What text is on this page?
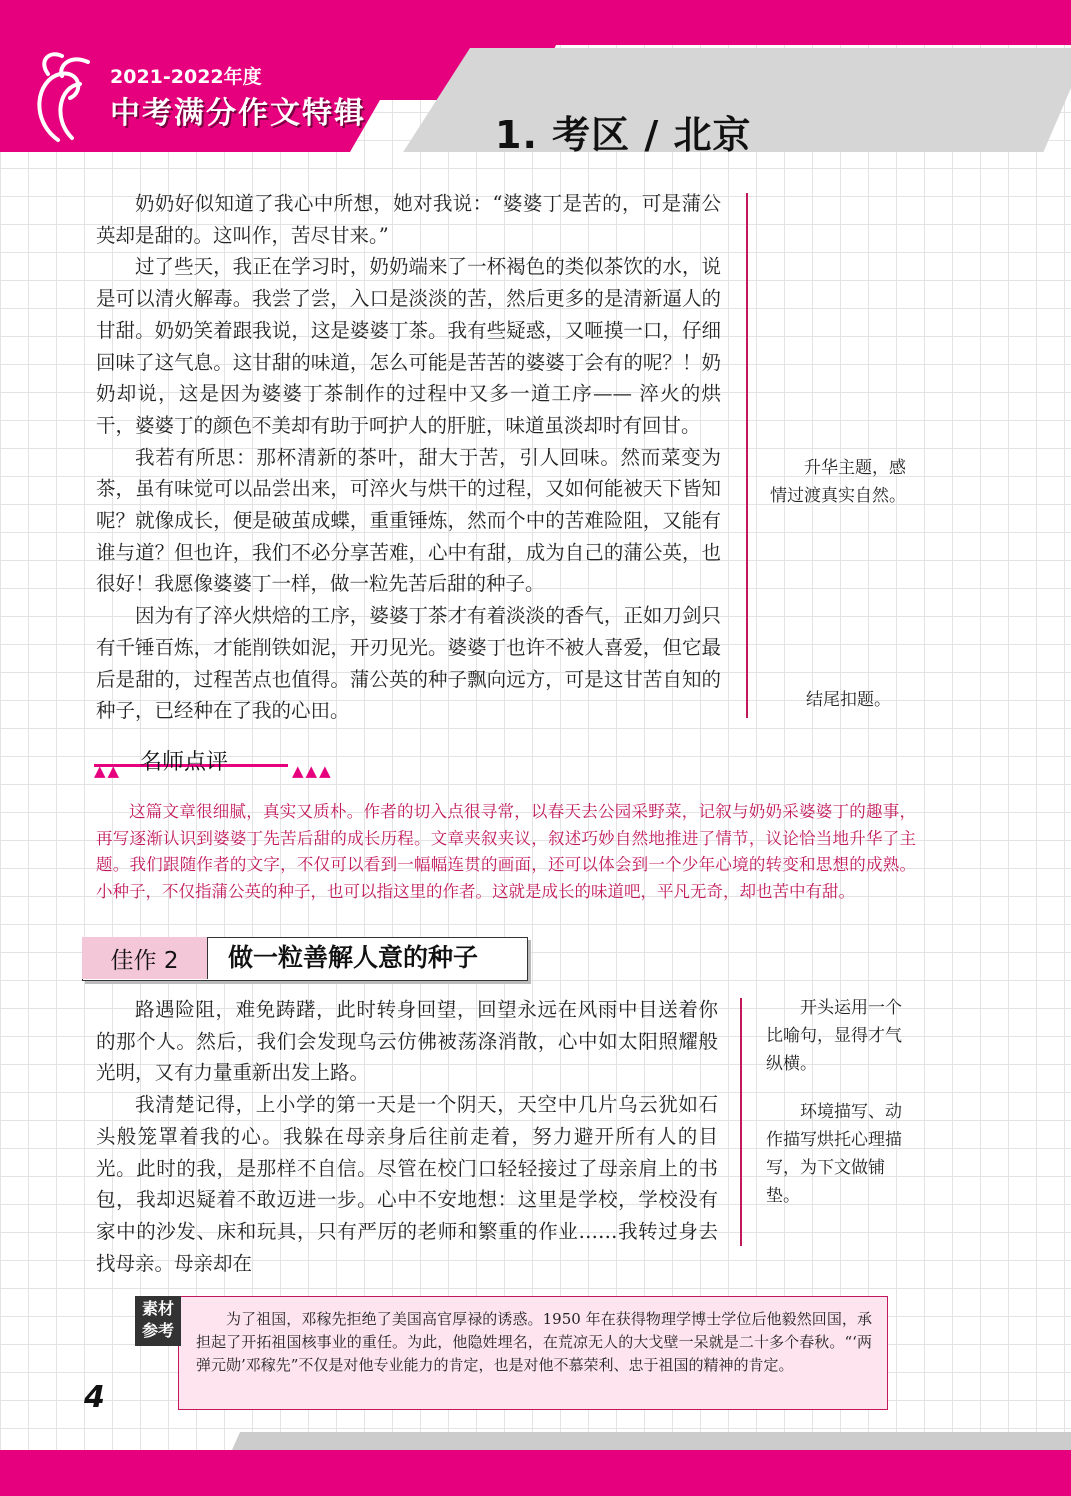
2021-2022年度
中考满分作文特辑	1. 考区 / 北京

奶奶好似知道了我心中所想，她对我说：“婆婆丁是苦的，可是蒲公英却是甜的。这叫作，苦尽甘来。”

过了些天，我正在学习时，奶奶端来了一杯褐色的类似茶饮的水，说是可以清火解毒。我尝了尝，入口是淡淡的苦，然后更多的是清新逼人的甘甜。奶奶笑着跟我说，这是婆婆丁茶。我有些疑惑，又咂摸一口，仔细回味了这气息。这甘甜的味道，怎么可能是苦苦的婆婆丁会有的呢？！奶奶却说，这是因为婆婆丁茶制作的过程中又多一道工序—— 淬火的烘干，婆婆丁的颜色不美却有助于呵护人的肝脏，味道虽淡却时有回甘。

我若有所思：那杯清新的茶叶，甜大于苦，引人回味。然而菜变为茶，虽有味觉可以品尝出来，可淬火与烘干的过程，又如何能被天下皆知呢？就像成长，便是破茧成蝶，重重锤炼，然而个中的苦难险阻，又能有谁与道？但也许，我们不必分享苦难，心中有甜，成为自己的蒲公英，也很好！我愿像婆婆丁一样，做一粒先苦后甜的种子。

因为有了淬火烘焙的工序，婆婆丁茶才有着淡淡的香气，正如刀剑只有千锤百炼，才能削铁如泥，开刃见光。婆婆丁也许不被人喜爱，但它最后是甜的，过程苦点也值得。蒲公英的种子飘向远方，可是这甘苦自知的种子，已经种在了我的心田。

升华主题，感情过渡真实自然。

结尾扣题。

▲▲ 名师点评	▲▲▲

这篇文章很细腻，真实又质朴。作者的切入点很寻常，以春天去公园采野菜，记叙与奶奶采婆婆丁的趣事，再写逐渐认识到婆婆丁先苦后甜的成长历程。文章夹叙夹议，叙述巧妙自然地推进了情节，议论恰当地升华了主题。我们跟随作者的文字，不仅可以看到一幅幅连贯的画面，还可以体会到一个少年心境的转变和思想的成熟。小种子，不仅指蒲公英的种子，也可以指这里的作者。这就是成长的味道吧，平凡无奇，却也苦中有甜。

佳作 2	做一粒善解人意的种子

路遇险阻，难免踌躇，此时转身回望，回望永远在风雨中目送着你的那个人。然后，我们会发现乌云仿佛被荡涤消散，心中如太阳照耀般光明，又有力量重新出发上路。

我清楚记得，上小学的第一天是一个阴天，天空中几片乌云犹如石头般笼罩着我的心。我躲在母亲身后往前走着，努力避开所有人的目光。此时的我，是那样不自信。尽管在校门口轻轻接过了母亲肩上的书包，我却迟疑着不敢迈进一步。心中不安地想：这里是学校，学校没有家中的沙发、床和玩具，只有严厉的老师和繁重的作业……我转过身去找母亲。母亲却在

开头运用一个比喻句，显得才气纵横。

环境描写、动作描写烘托心理描写，为下文做铺垫。

素材
参考

为了祖国，邓稼先拒绝了美国高官厚禄的诱惑。1950 年在获得物理学博士学位后他毅然回国，承担起了开拓祖国核事业的重任。为此，他隐姓埋名，在荒凉无人的大戈壁一呆就是二十多个春秋。“‘两弹元勋’邓稼先”不仅是对他专业能力的肯定，也是对他不慕荣利、忠于祖国的精神的肯定。

4
